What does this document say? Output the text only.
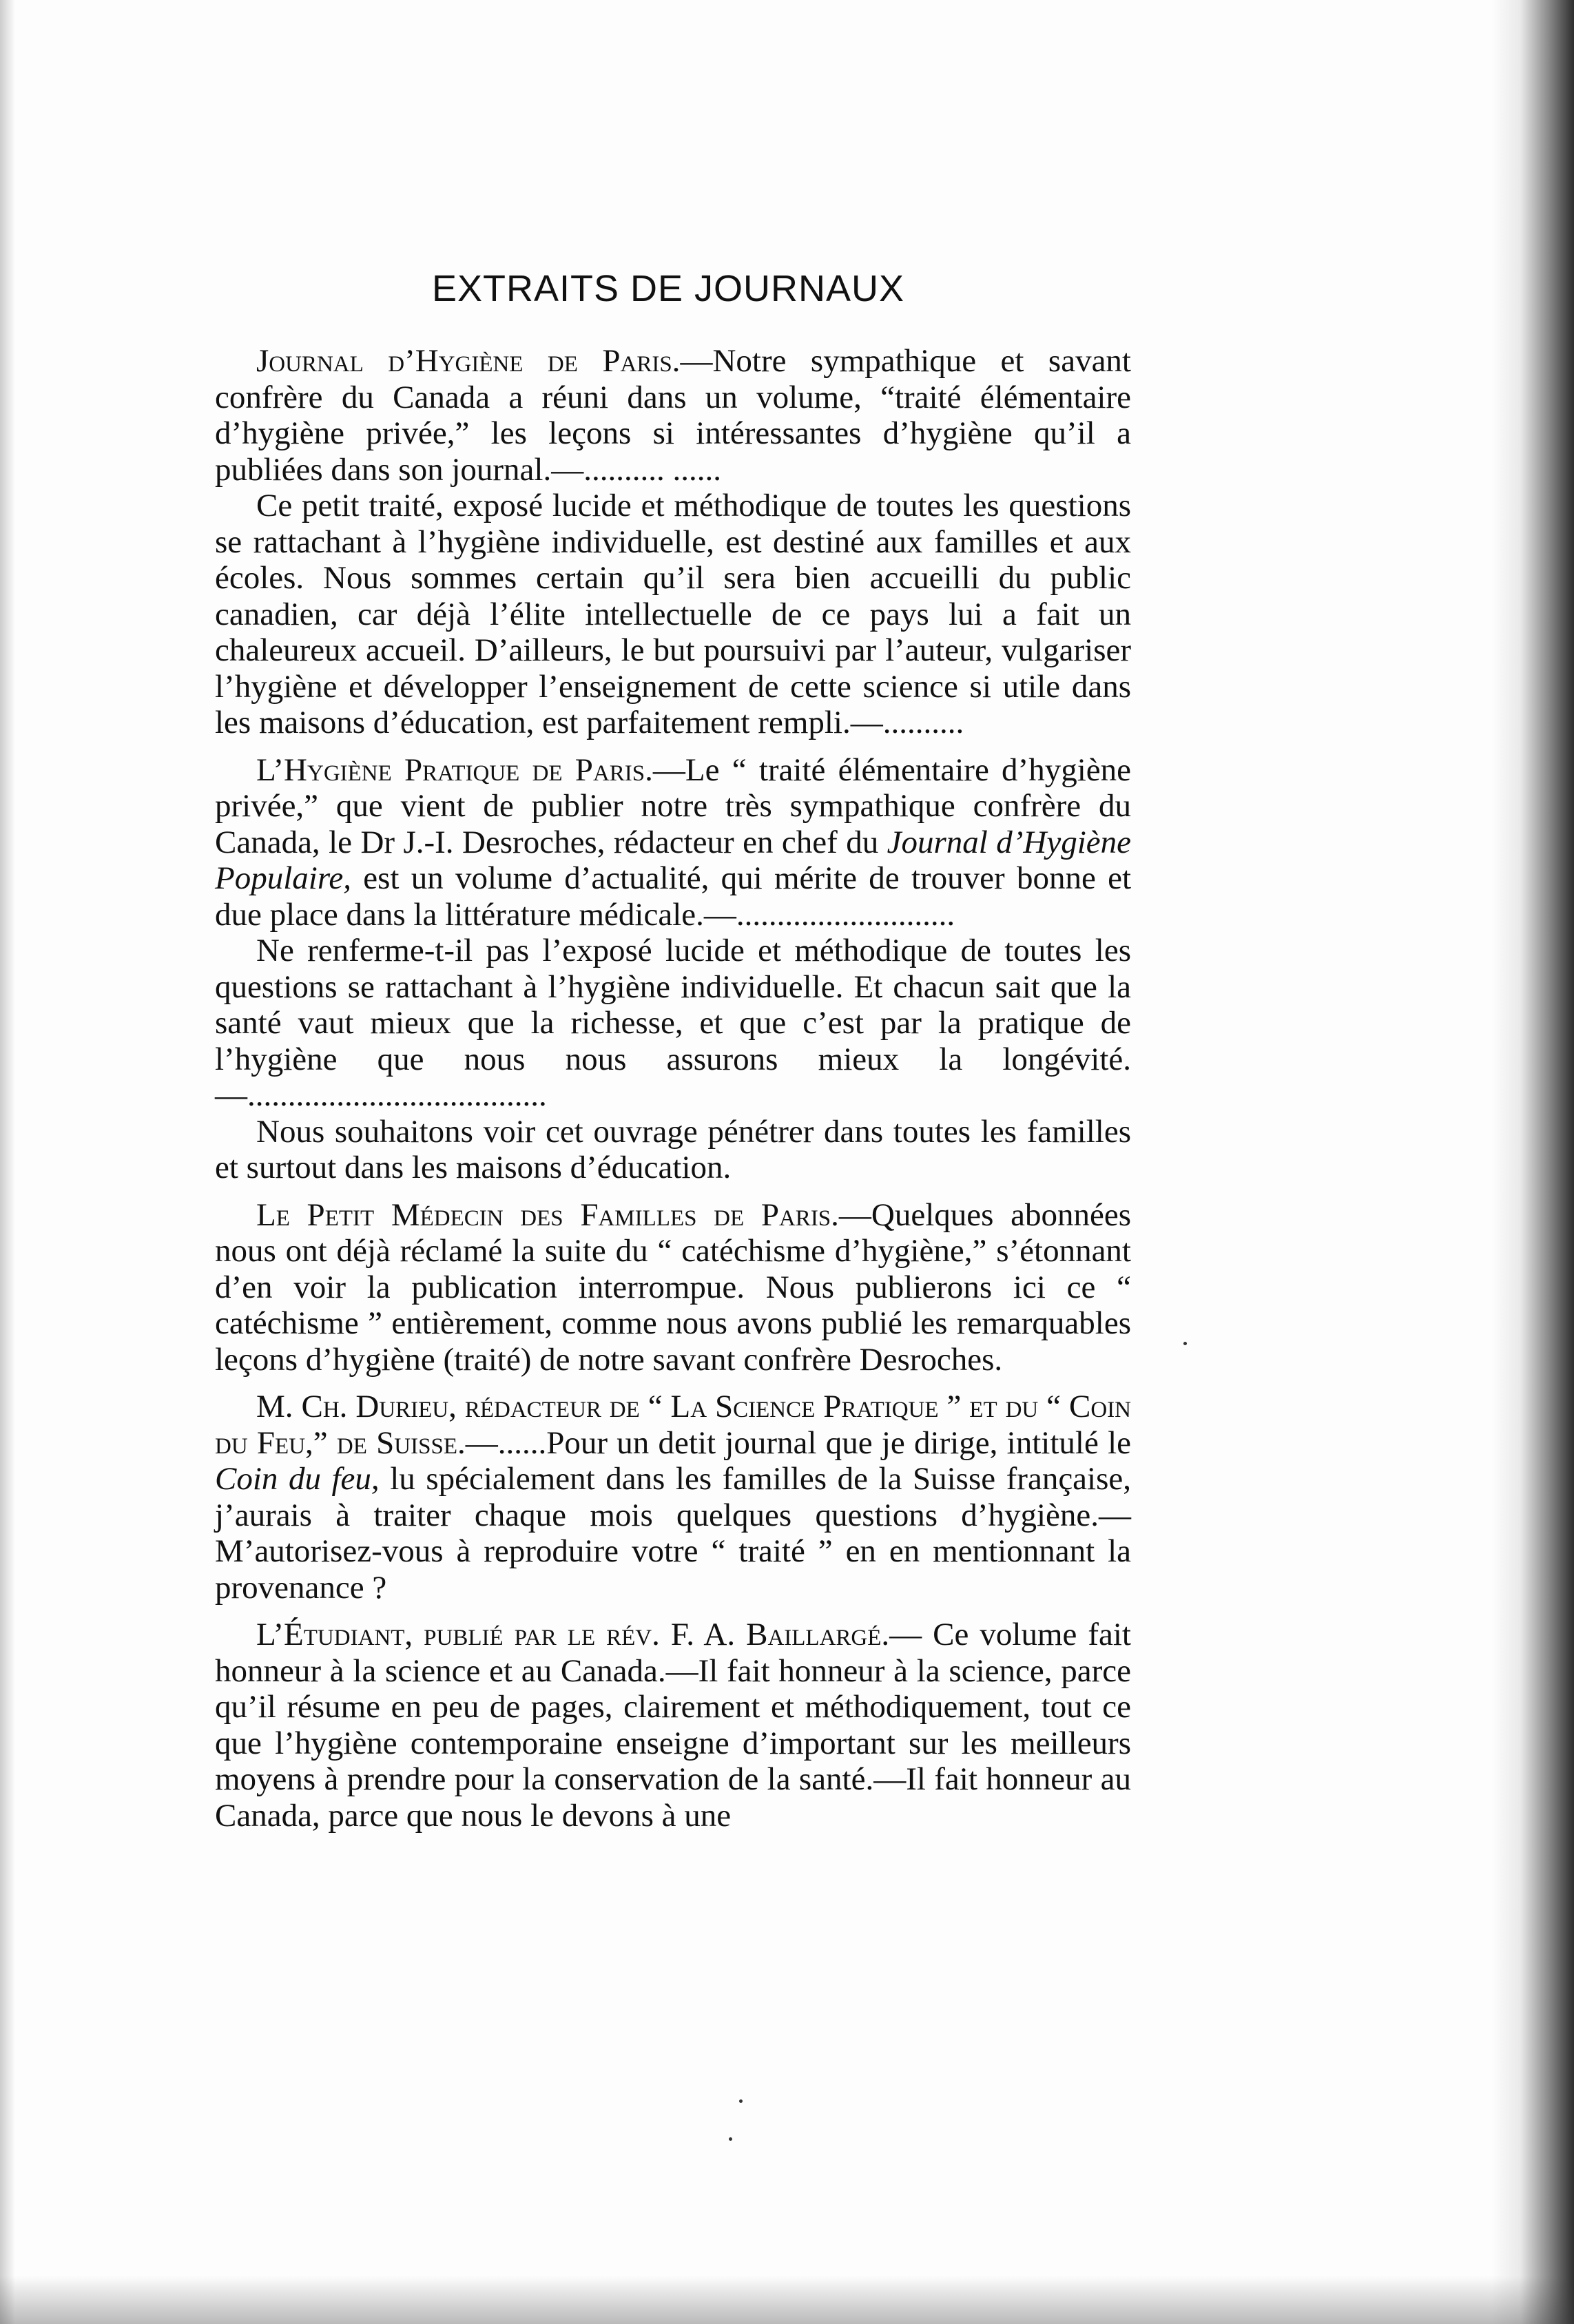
EXTRAITS DE JOURNAUX

Journal d’Hygiène de Paris.—Notre sympathique et savant confrère du Canada a réuni dans un volume, “traité élémentaire d’hygiène privée,” les leçons si intéressantes d’hygiène qu’il a publiées dans son journal.—.......... ......

Ce petit traité, exposé lucide et méthodique de toutes les questions se rattachant à l’hygiène individuelle, est destiné aux familles et aux écoles. Nous sommes certain qu’il sera bien accueilli du public canadien, car déjà l’élite intellectuelle de ce pays lui a fait un chaleureux accueil. D’ailleurs, le but poursuivi par l’auteur, vulgariser l’hygiène et développer l’enseignement de cette science si utile dans les maisons d’éducation, est parfaitement rempli.—..........

L’Hygiène Pratique de Paris.—Le “ traité élémentaire d’hygiène privée,” que vient de publier notre très sympathique confrère du Canada, le Dr J.-I. Desroches, rédacteur en chef du Journal d’Hygiène Populaire, est un volume d’actualité, qui mérite de trouver bonne et due place dans la littérature médicale.—...........................

Ne renferme-t-il pas l’exposé lucide et méthodique de toutes les questions se rattachant à l’hygiène individuelle. Et chacun sait que la santé vaut mieux que la richesse, et que c’est par la pratique de l’hygiène que nous nous assurons mieux la longévité.—.....................................

Nous souhaitons voir cet ouvrage pénétrer dans toutes les familles et surtout dans les maisons d’éducation.

Le Petit Médecin des Familles de Paris.—Quelques abonnées nous ont déjà réclamé la suite du “ catéchisme d’hygiène,” s’étonnant d’en voir la publication interrompue. Nous publierons ici ce “ catéchisme ” entièrement, comme nous avons publié les remarquables leçons d’hygiène (traité) de notre savant confrère Desroches.

M. Ch. Durieu, rédacteur de “ La Science Pratique ” et du “ Coin du Feu,” de Suisse.—......Pour un detit journal que je dirige, intitulé le Coin du feu, lu spécialement dans les familles de la Suisse française, j’aurais à traiter chaque mois quelques questions d’hygiène.— M’autorisez-vous à reproduire votre “ traité ” en en mentionnant la provenance ?

L’Étudiant, publié par le rév. F. A. Baillargé.— Ce volume fait honneur à la science et au Canada.—Il fait honneur à la science, parce qu’il résume en peu de pages, clairement et méthodiquement, tout ce que l’hygiène contemporaine enseigne d’important sur les meilleurs moyens à prendre pour la conservation de la santé.—Il fait honneur au Canada, parce que nous le devons à une
